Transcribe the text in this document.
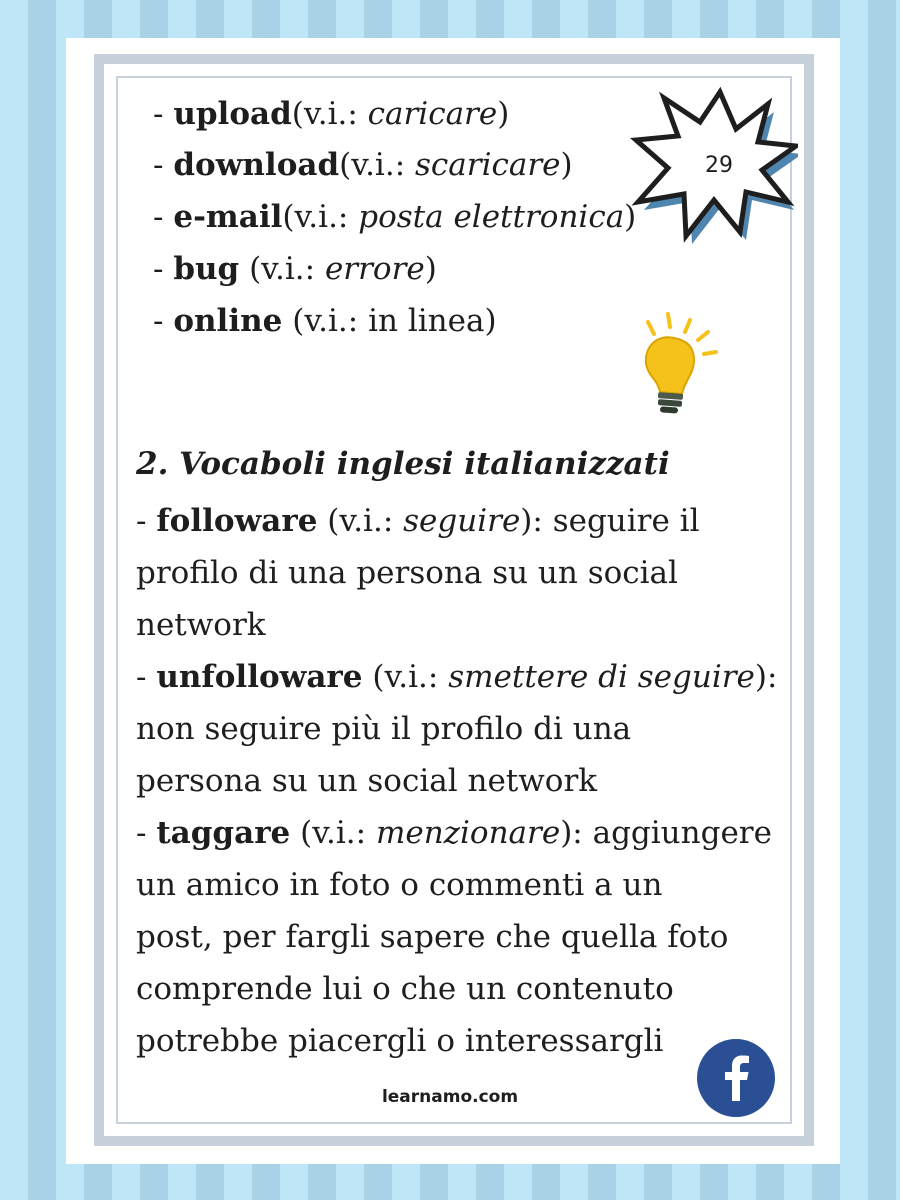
- upload(v.i.: caricare)
- download(v.i.: scaricare)
- e-mail(v.i.: posta elettronica)
- bug (v.i.: errore)
- online (v.i.: in linea)
2. Vocaboli inglesi italianizzati
- followare (v.i.: seguire): seguire il
profilo di una persona su un social
network
- unfolloware (v.i.: smettere di seguire):
non seguire più il profilo di una
persona su un social network
- taggare (v.i.: menzionare): aggiungere
un amico in foto o commenti a un
post, per fargli sapere che quella foto
comprende lui o che un contenuto
potrebbe piacergli o interessargli
learnamo.com
29
